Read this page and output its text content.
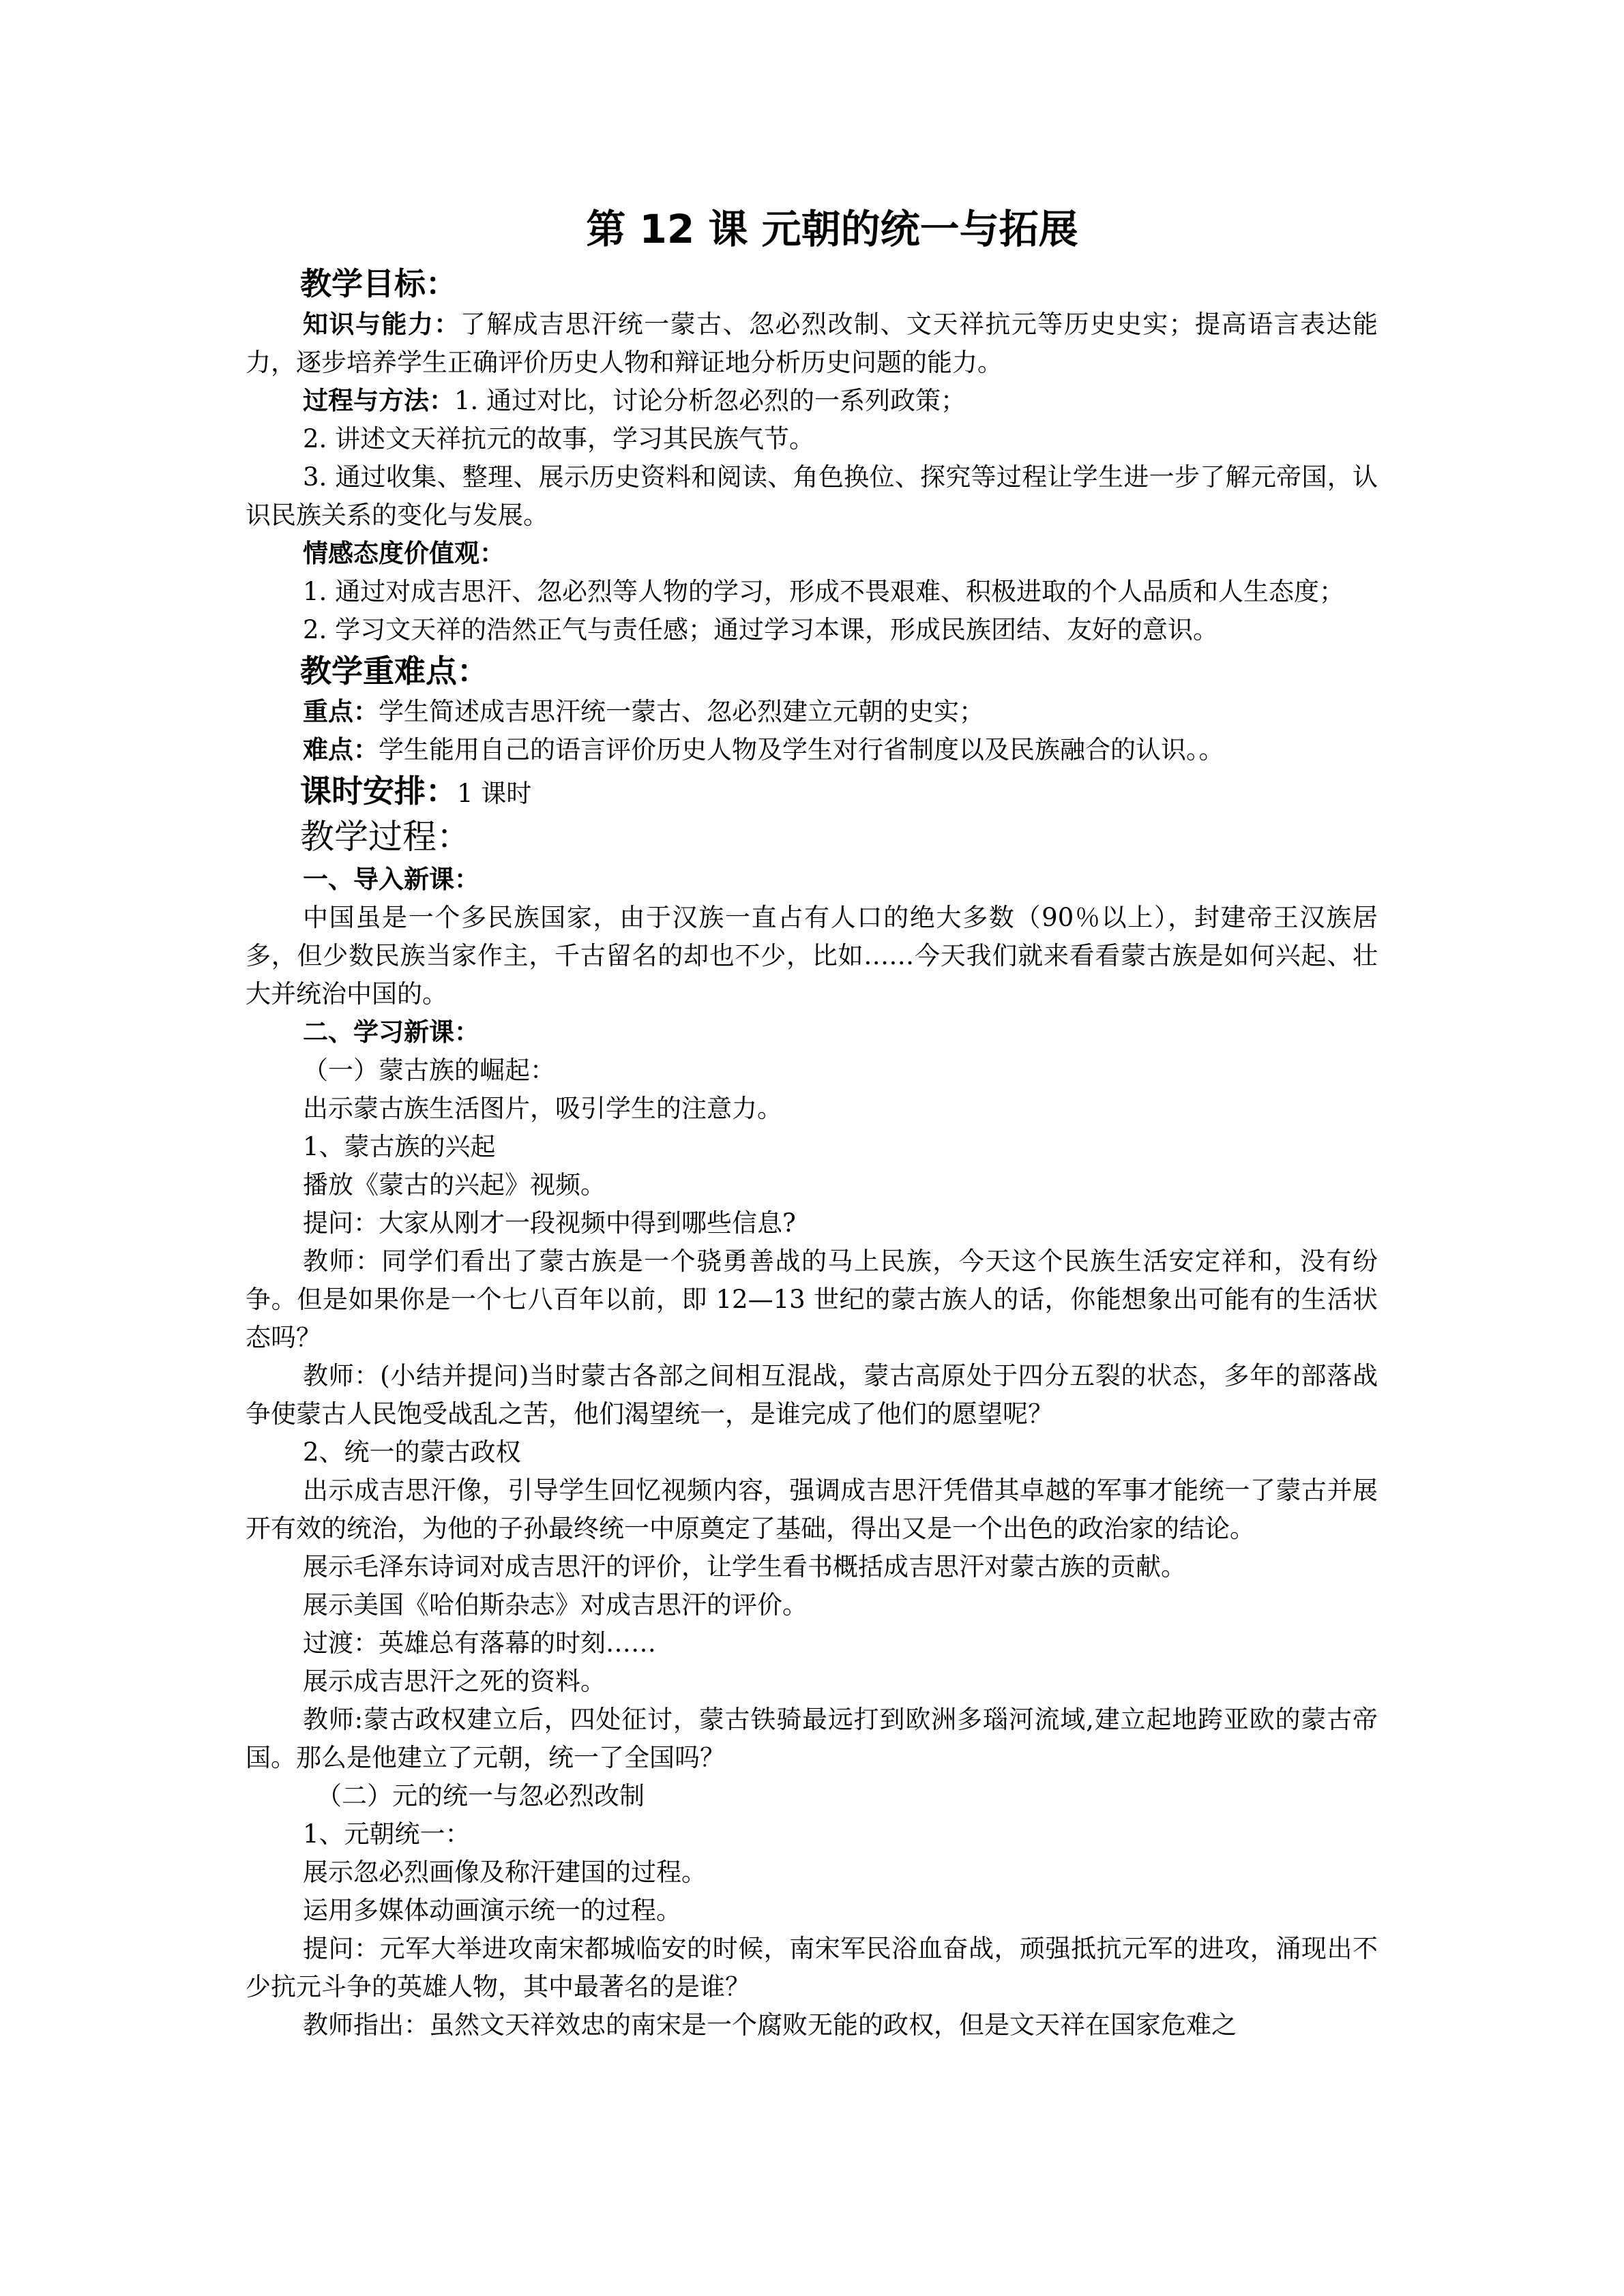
第 12 课 元朝的统一与拓展
教学目标：

知识与能力：了解成吉思汗统一蒙古、忽必烈改制、文天祥抗元等历史史实；提高语言表达能力，逐步培养学生正确评价历史人物和辩证地分析历史问题的能力。

过程与方法：1. 通过对比，讨论分析忽必烈的一系列政策；

2. 讲述文天祥抗元的故事，学习其民族气节。

3. 通过收集、整理、展示历史资料和阅读、角色换位、探究等过程让学生进一步了解元帝国，认识民族关系的变化与发展。

情感态度价值观：

1. 通过对成吉思汗、忽必烈等人物的学习，形成不畏艰难、积极进取的个人品质和人生态度；

2. 学习文天祥的浩然正气与责任感；通过学习本课，形成民族团结、友好的意识。

教学重难点：

重点：学生简述成吉思汗统一蒙古、忽必烈建立元朝的史实；

难点：学生能用自己的语言评价历史人物及学生对行省制度以及民族融合的认识。。

课时安排：1 课时
教学过程：
一、导入新课：

中国虽是一个多民族国家，由于汉族一直占有人口的绝大多数（90％以上），封建帝王汉族居多，但少数民族当家作主，千古留名的却也不少，比如……今天我们就来看看蒙古族是如何兴起、壮大并统治中国的。

二、学习新课：

（一）蒙古族的崛起：

出示蒙古族生活图片，吸引学生的注意力。

1、蒙古族的兴起

播放《蒙古的兴起》视频。

提问：大家从刚才一段视频中得到哪些信息?

教师：同学们看出了蒙古族是一个骁勇善战的马上民族，今天这个民族生活安定祥和，没有纷争。但是如果你是一个七八百年以前，即 12—13 世纪的蒙古族人的话，你能想象出可能有的生活状态吗？

教师：(小结并提问)当时蒙古各部之间相互混战，蒙古高原处于四分五裂的状态，多年的部落战争使蒙古人民饱受战乱之苦，他们渴望统一，是谁完成了他们的愿望呢？

2、统一的蒙古政权

出示成吉思汗像，引导学生回忆视频内容，强调成吉思汗凭借其卓越的军事才能统一了蒙古并展开有效的统治，为他的子孙最终统一中原奠定了基础，得出又是一个出色的政治家的结论。

展示毛泽东诗词对成吉思汗的评价，让学生看书概括成吉思汗对蒙古族的贡献。

展示美国《哈伯斯杂志》对成吉思汗的评价。

过渡：英雄总有落幕的时刻……

展示成吉思汗之死的资料。

教师:蒙古政权建立后，四处征讨，蒙古铁骑最远打到欧洲多瑙河流域,建立起地跨亚欧的蒙古帝国。那么是他建立了元朝，统一了全国吗？

（二）元的统一与忽必烈改制

1、元朝统一：

展示忽必烈画像及称汗建国的过程。

运用多媒体动画演示统一的过程。

提问：元军大举进攻南宋都城临安的时候，南宋军民浴血奋战，顽强抵抗元军的进攻，涌现出不少抗元斗争的英雄人物，其中最著名的是谁？

教师指出：虽然文天祥效忠的南宋是一个腐败无能的政权，但是文天祥在国家危难之
